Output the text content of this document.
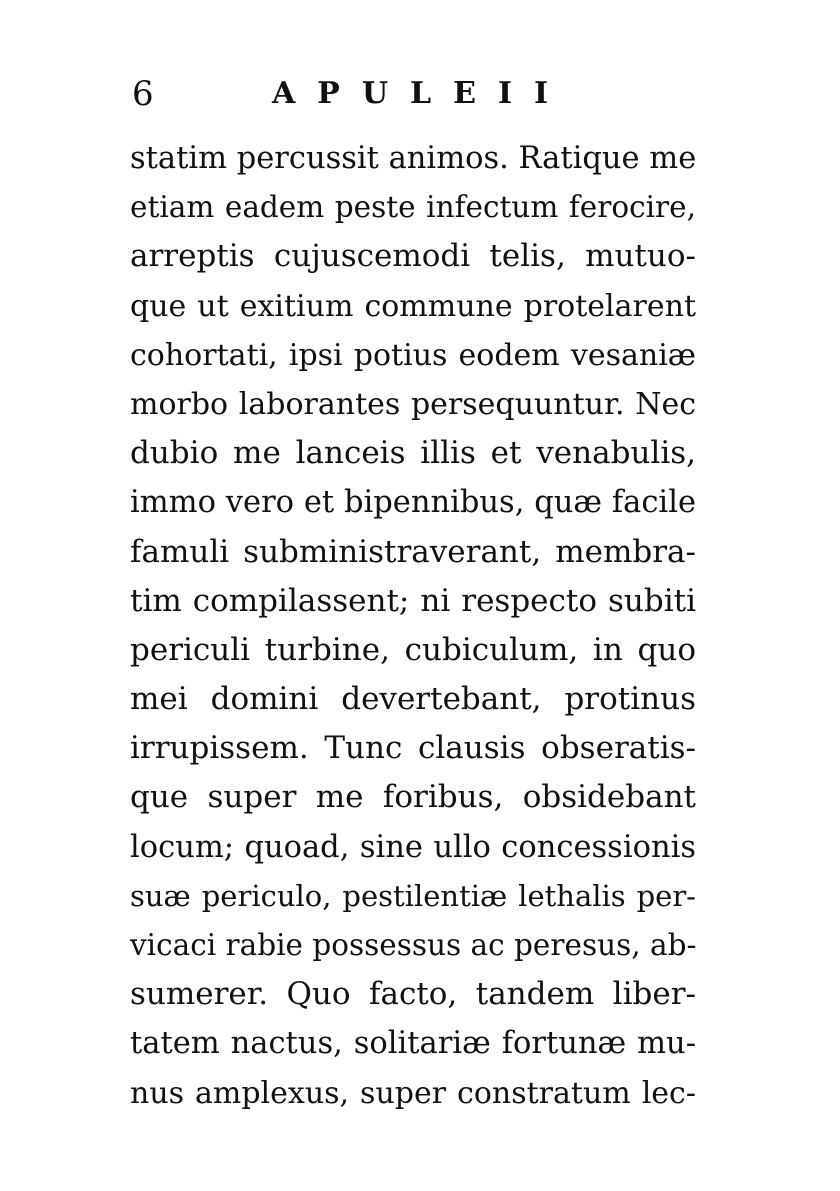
6	APULEII
statim percussit animos. Ratique me
etiam eadem peste infectum ferocire,
arreptis cujuscemodi telis, mutuo-
que ut exitium commune protelarent
cohortati, ipsi potius eodem vesaniæ
morbo laborantes persequuntur. Nec
dubio me lanceis illis et venabulis,
immo vero et bipennibus, quæ facile
famuli subministraverant, membra-
tim compilassent; ni respecto subiti
periculi turbine, cubiculum, in quo
mei domini devertebant, protinus
irrupissem. Tunc clausis obseratis-
que super me foribus, obsidebant
locum; quoad, sine ullo concessionis
suæ periculo, pestilentiæ lethalis per-
vicaci rabie possessus ac peresus, ab-
sumerer. Quo facto, tandem liber-
tatem nactus, solitariæ fortunæ mu-
nus amplexus, super constratum lec-
